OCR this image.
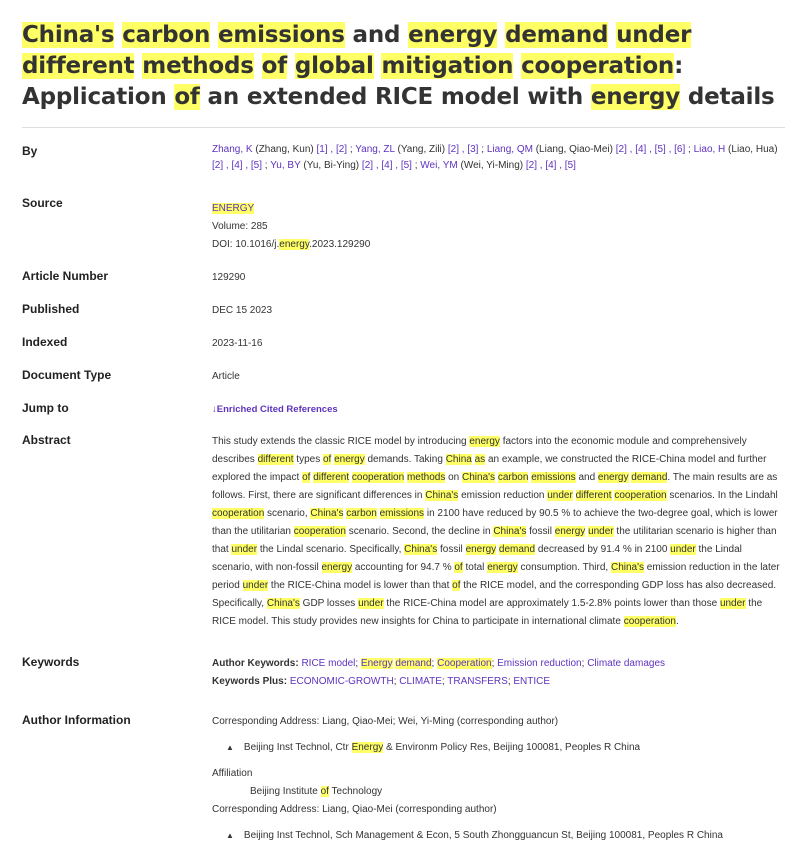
China's carbon emissions and energy demand under different methods of global mitigation cooperation: Application of an extended RICE model with energy details
By	Zhang, K (Zhang, Kun) [1] , [2] ; Yang, ZL (Yang, Zili) [2] , [3] ; Liang, QM (Liang, Qiao-Mei) [2] , [4] , [5] , [6] ; Liao, H (Liao, Hua) [2] , [4] , [5] ; Yu, BY (Yu, Bi-Ying) [2] , [4] , [5] ; Wei, YM (Wei, Yi-Ming) [2] , [4] , [5]
Source	ENERGY
Volume: 285
DOI: 10.1016/j.energy.2023.129290
Article Number	129290
Published	DEC 15 2023
Indexed	2023-11-16
Document Type	Article
Jump to	↓Enriched Cited References
Abstract	This study extends the classic RICE model by introducing energy factors into the economic module and comprehensively describes different types of energy demands. Taking China as an example, we constructed the RICE-China model and further explored the impact of different cooperation methods on China's carbon emissions and energy demand. The main results are as follows. First, there are significant differences in China's emission reduction under different cooperation scenarios. In the Lindahl cooperation scenario, China's carbon emissions in 2100 have reduced by 90.5 % to achieve the two-degree goal, which is lower than the utilitarian cooperation scenario. Second, the decline in China's fossil energy under the utilitarian scenario is higher than that under the Lindal scenario. Specifically, China's fossil energy demand decreased by 91.4 % in 2100 under the Lindal scenario, with non-fossil energy accounting for 94.7 % of total energy consumption. Third, China's emission reduction in the later period under the RICE-China model is lower than that of the RICE model, and the corresponding GDP loss has also decreased. Specifically, China's GDP losses under the RICE-China model are approximately 1.5-2.8% points lower than those under the RICE model. This study provides new insights for China to participate in international climate cooperation.
Keywords	Author Keywords: RICE model; Energy demand; Cooperation; Emission reduction; Climate damages
Keywords Plus: ECONOMIC-GROWTH; CLIMATE; TRANSFERS; ENTICE
Author Information	Corresponding Address: Liang, Qiao-Mei; Wei, Yi-Ming (corresponding author)
▲ Beijing Inst Technol, Ctr Energy & Environm Policy Res, Beijing 100081, Peoples R China
Affiliation
Beijing Institute of Technology
Corresponding Address: Liang, Qiao-Mei (corresponding author)
▲ Beijing Inst Technol, Sch Management & Econ, 5 South Zhongguancun St, Beijing 100081, Peoples R China
